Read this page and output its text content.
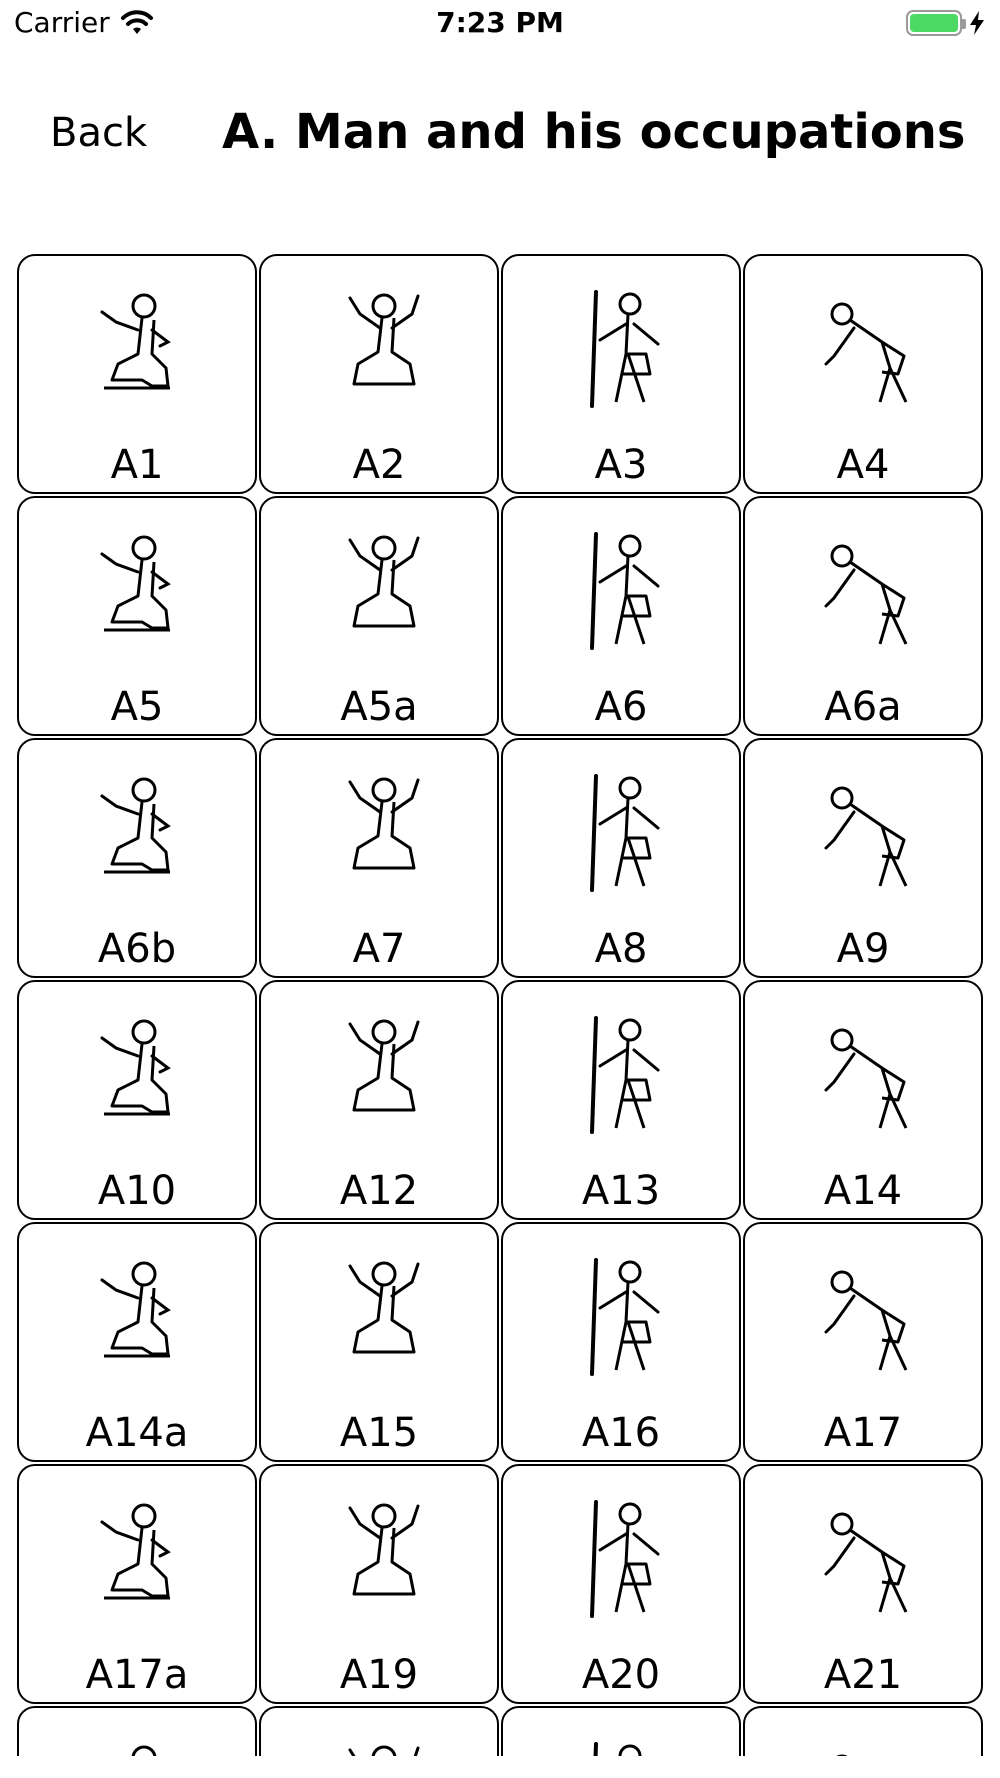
Carrier	7:23 PM
Back A. Man and his occupations
A1	A2	A3	A4
A5	A5a	A6	A6a
A6b	A7	A8	A9
A10	A12	A13	A14
A14a	A15	A16	A17
A17a	A19	A20	A21
